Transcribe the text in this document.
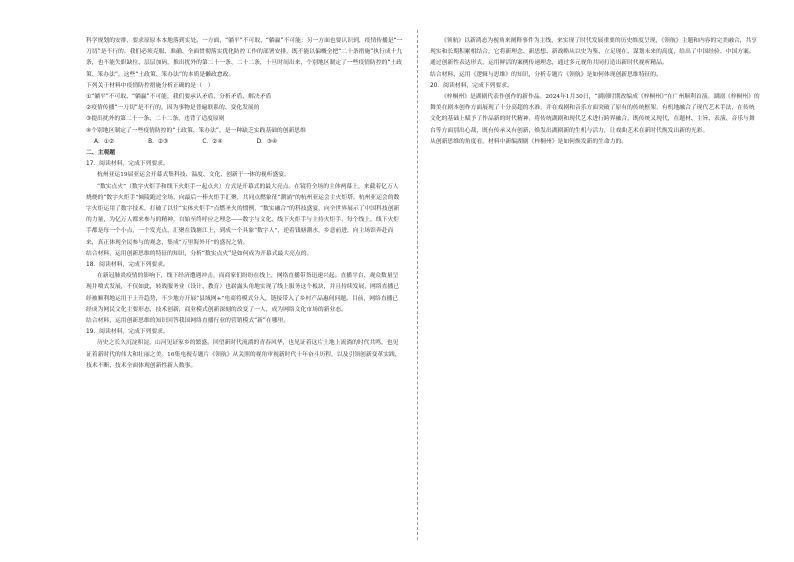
科学规划的安排，要求原原本本地落到实处。一方面，“躺平”不可取、“躺赢”不可能：另一方面也要认识到，疫情传播是“一刀切”是不行的。我们必须克服、准确、全面贯彻落实优化防控工作的部署安排，既不能以偏概全把“二十条措施”执行成十九条，也不能失职缺位、层层加码，推出扰外的第二十一条、二十二条，十旦时间出来，个别地区制定了一些疫情防控的“土政策、笨办法”，这些“土政策、笨办法”的本质是懒政怠政。

下列关于材料中疫情防控措施分析正确的是（　）

①“躺平”不可取、“躺赢”不可能，我们要承认矛盾、分析矛盾、解决矛盾

②疫情传播“一刀切”是不行的，因为事物是普遍联系的、变化发展的

③提出扰外的第二十一条、二十二条，违背了适度原则

④个别地区制定了一些疫情防控的“土政策、笨办法”，是一种缺乏实践基础的创新思维

A．①②	B．②③	C．②④	D．③④

二、主观题

17．阅读材料，完成下列要求。

杭州亚运19届亚运会开幕式集科技、温度、文化、创新于一体的视听盛宴。

“数实点火”（数字火炬手和线下火炬手一起点火）方式是开幕式的最大亮点。在镜符全场的主体两幕上，来截着亿万人烧烧的“数字火炬手”倾陵跑过全场，向最后一棒火炬手汇聚，共同点燃象征“潮涌”的杭州亚运会主火炬塔。杭州亚运会的数字火炬运用了数字技术，打破了以往“实体火炬手”点燃圣火的惯例，“数实融合”的科技盛宴，向全世界展示了中国科技创新的力量，为亿万人都来参与的精神，自始至终呼应之理念——数字与文化、线下火炬手与主持火炬手，每个线上，线下火炬手都是每一个小点，一个发光点，汇聚在钱塘江上，到成一个具象“数字人”，逆着钱塘潮水，乡意前进，向主场馆奔赴而来，真正体现全民参与的观念，集成“万里海外开”的盛况之情。

结合材料，运用创新思维的特征的知识，分析“数实点火”是如何成为开幕式最大亮点的。

18．阅读材料，完成下列要求。

在新冠肺炎疫情的影响下，线下经济遭遇冲击，而商家们纷纷在线上，网络直播带货迅速兴起。直播平台、观众数量呈现井喷式发展，不仅如此，转战服务业（设计、教育）也崭露头角地实现了线上服务这个板块，并且持续发展，网络直播已经被顺利地运用于上升趋势，不少地方开展“县域网+”电商将模式分入，链接带入了乡村产品惠伺问题。目前，网络直播已经成为网民文化主要形态，技术创新，商业模式创新深刻的改变了一人，成为网络文化市场的新业态。

结合材料，运用创新思维的知识回答我国网络直播行业的营销模式“新”在哪里。

19．阅读材料，完成下列要求。

历史之长久沉淀积淀，山河见证家乡的繁盛。回望新时代流淌的青春风华，也见证着这片土地上流淌的时代共鸣，也见证着新时代的伟大和壮丽之美。16集电视专题片《领航》从关照的视角审视新时代十年奋斗历程，以及引领创新变革实践，技术不断、技术全面体现创新性新人数事。

《领航》以新鸿态为视角来阐释事件为主线，来实现了时代发展重要的历史维度呈现，《领航》主题和内容的完美融合，共享现实和长期积累相结合，它将新理念、新思想、新战略从以史为鉴、立足现在、谋划未来的高度，给出了中国经验、中国方案。通过创新性表达形式，运用鲜活的案例传递理念，通过多元视角共同打造出新时代视听精品。

结合材料，运用《逻辑与思维》的知识，分析专题片《领航》是如何体现创新思维特征的。

20．阅读材料，完成下列要求。

《梓桐州》是湖剧代表作创作的新作品。2024年1月30日，“湖剧时期改编成《梓桐州》”在广州顺利首演。湖剧《梓桐州》的舞美在剧本创作方面展现了十分高超的水准，并在戏剧和音乐方面突破了原有的传统框架，有机地融合了现代艺术手法，在传统文化的基础上赋予了作品新的时代精神，将传统湖剧和现代艺术进行跨界融合，既传统又现代，在题材、主旨、表演、音乐与舞台等方面别出心裁，既有传承又有创新，焕发出湖剧新的生机与活力，让戏曲艺术在新时代焕发出新的光彩。

从创新思维的角度看，材料中新编湖剧《梓桐州》是如何焕发新的生命力的。
